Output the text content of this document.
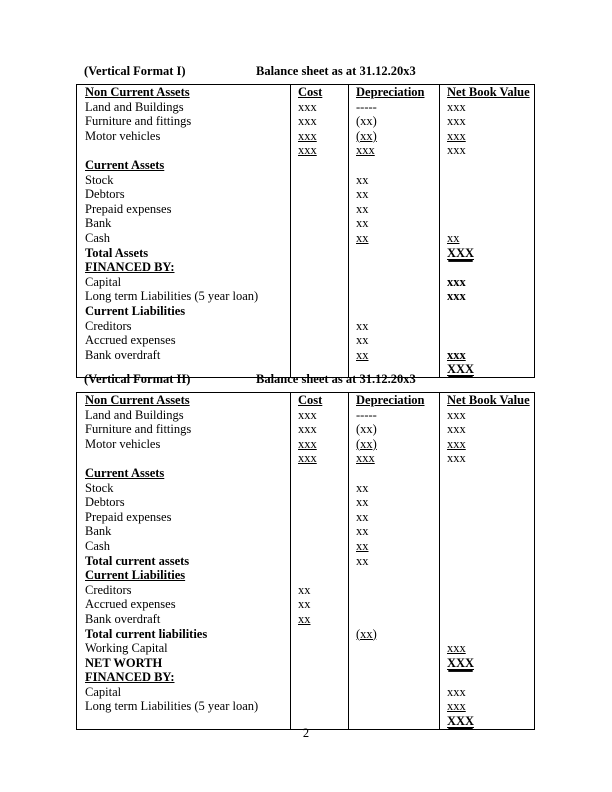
(Vertical Format I)	Balance sheet as at 31.12.20x3
Non Current Assets	Cost	Depreciation	Net Book Value

Land and Buildings	xxx	-----	xxx

Furniture and fittings	xxx	(xx)	xxx

Motor vehicles	xxx	(xx)	xxx

	xxx	xxx	xxx

Current Assets			

Stock		xx	

Debtors		xx	

Prepaid expenses		xx	

Bank		xx	

Cash		xx	xx

Total Assets			XXX

FINANCED BY:			

Capital			xxx

Long term Liabilities (5 year loan)			xxx

Current Liabilities			

Creditors		xx	

Accrued expenses		xx	

Bank overdraft		xx	xxx

			XXX
(Vertical Format II)	Balance sheet as at 31.12.20x3
Non Current Assets	Cost	Depreciation	Net Book Value

Land and Buildings	xxx	-----	xxx

Furniture and fittings	xxx	(xx)	xxx

Motor vehicles	xxx	(xx)	xxx

	xxx	xxx	xxx

Current Assets			

Stock		xx	

Debtors		xx	

Prepaid expenses		xx	

Bank		xx	

Cash		xx	

Total current assets		xx	

Current Liabilities			

Creditors	xx		

Accrued expenses	xx		

Bank overdraft	xx		

Total current liabilities		(xx)	

Working Capital			xxx

NET WORTH			XXX

FINANCED BY:			

Capital			xxx

Long term Liabilities (5 year loan)			xxx

			XXX
2
